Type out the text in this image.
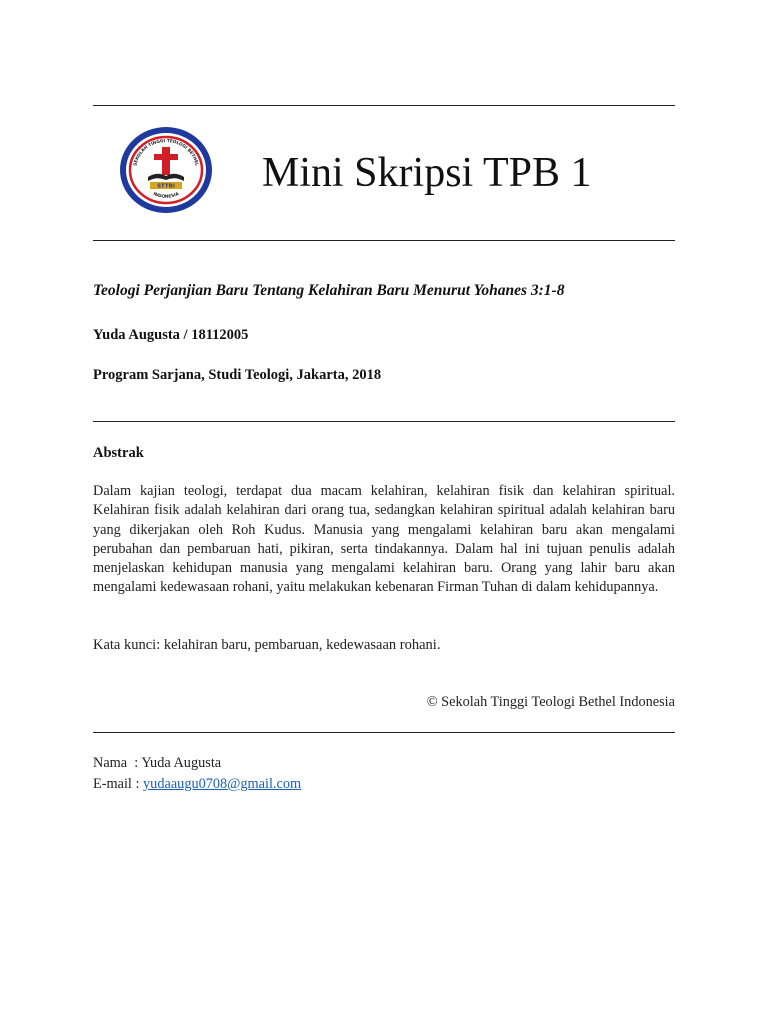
SEKOLAH TINGGI TEOLOGI BETHEL
STTBI
INDONESIA Mini Skripsi TPB 1
Teologi Perjanjian Baru Tentang Kelahiran Baru Menurut Yohanes 3:1-8
Yuda Augusta / 18112005
Program Sarjana, Studi Teologi, Jakarta, 2018
Abstrak
Dalam kajian teologi, terdapat dua macam kelahiran, kelahiran fisik dan kelahiran spiritual. Kelahiran fisik adalah kelahiran dari orang tua, sedangkan kelahiran spiritual adalah kelahiran baru yang dikerjakan oleh Roh Kudus. Manusia yang mengalami kelahiran baru akan mengalami perubahan dan pembaruan hati, pikiran, serta tindakannya. Dalam hal ini tujuan penulis adalah menjelaskan kehidupan manusia yang mengalami kelahiran baru. Orang yang lahir baru akan mengalami kedewasaan rohani, yaitu melakukan kebenaran Firman Tuhan di dalam kehidupannya.
Kata kunci: kelahiran baru, pembaruan, kedewasaan rohani.
© Sekolah Tinggi Teologi Bethel Indonesia
Nama  : Yuda Augusta
E-mail : yudaaugu0708@gmail.com
